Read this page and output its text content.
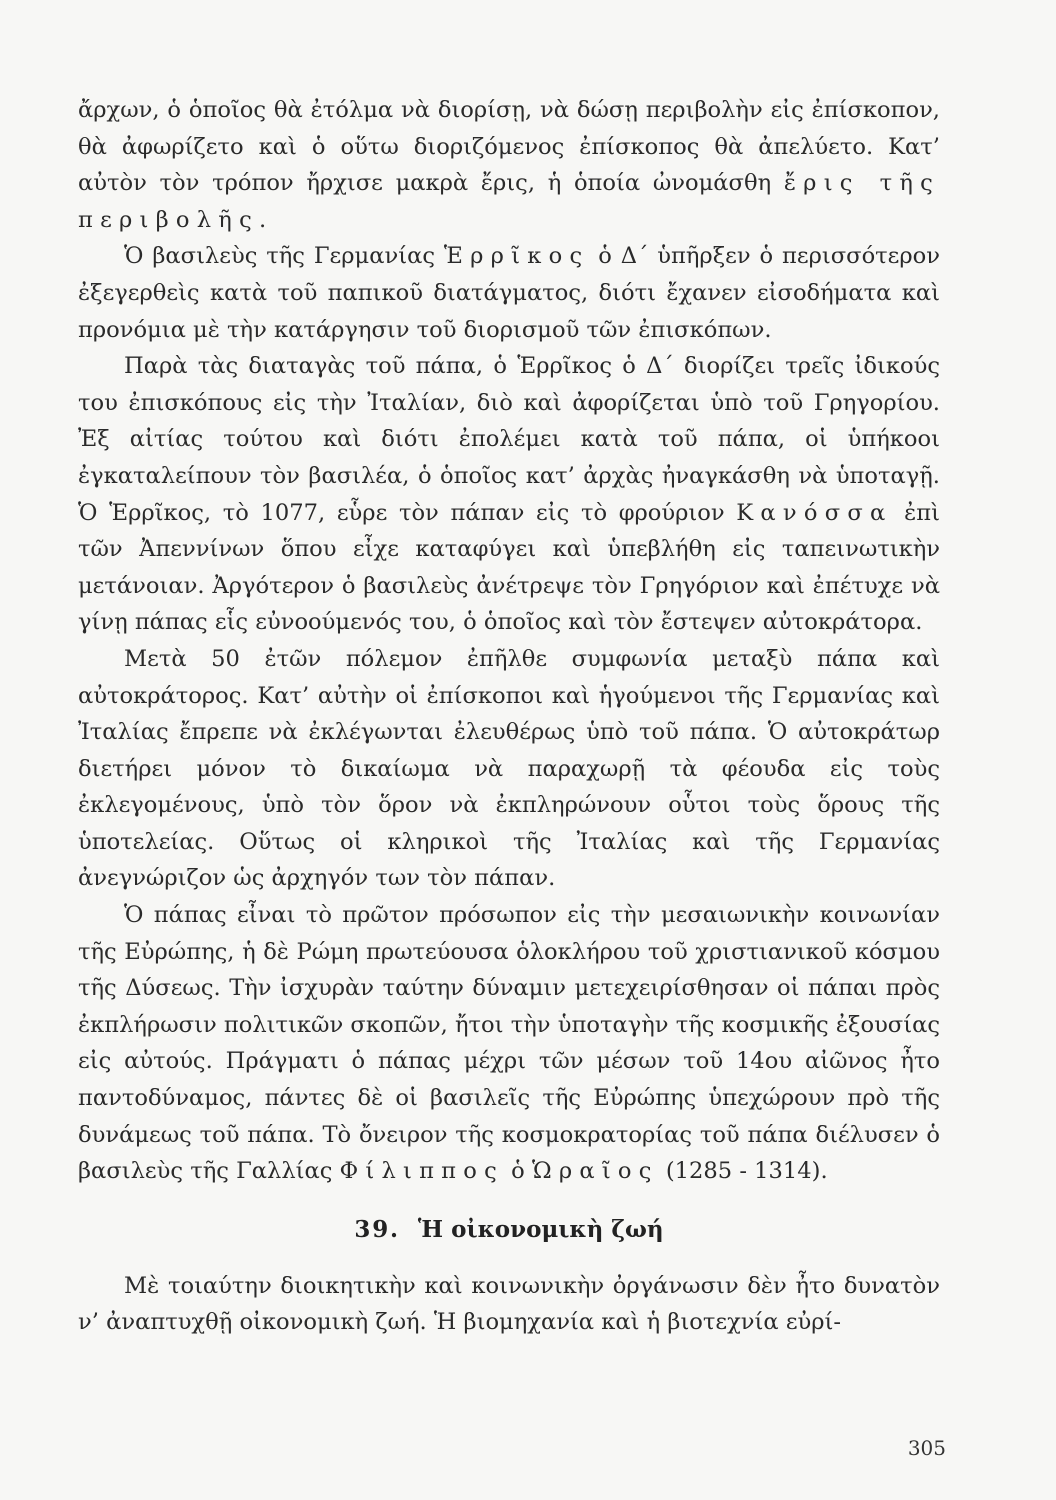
ἄρχων, ὁ ὁποῖος θὰ ἐτόλμα νὰ διορίσῃ, νὰ δώσῃ περιβολὴν εἰς ἐπίσκοπον, θὰ ἀφωρίζετο καὶ ὁ οὕτω διοριζόμενος ἐπίσκοπος θὰ ἀπελύετο. Κατ’ αὐτὸν τὸν τρόπον ἤρχισε μακρὰ ἔρις, ἡ ὁποία ὠνομάσθη ἔρις τῆς περιβολῆς.

Ὁ βασιλεὺς τῆς Γερμανίας Ἑρρῖκος ὁ Δ΄ ὑπῆρξεν ὁ περισσότερον ἐξεγερθεὶς κατὰ τοῦ παπικοῦ διατάγματος, διότι ἔχανεν εἰσοδήματα καὶ προνόμια μὲ τὴν κατάργησιν τοῦ διορισμοῦ τῶν ἐπισκόπων.

Παρὰ τὰς διαταγὰς τοῦ πάπα, ὁ Ἑρρῖκος ὁ Δ΄ διορίζει τρεῖς ἰδικούς του ἐπισκόπους εἰς τὴν Ἰταλίαν, διὸ καὶ ἀφορίζεται ὑπὸ τοῦ Γρηγορίου. Ἐξ αἰτίας τούτου καὶ διότι ἐπολέμει κατὰ τοῦ πάπα, οἱ ὑπήκοοι ἐγκαταλείπουν τὸν βασιλέα, ὁ ὁποῖος κατ’ ἀρχὰς ἠναγκάσθη νὰ ὑποταγῇ. Ὁ Ἑρρῖκος, τὸ 1077, εὗρε τὸν πάπαν εἰς τὸ φρούριον Κανόσσα ἐπὶ τῶν Ἀπεννίνων ὅπου εἶχε καταφύγει καὶ ὑπεβλήθη εἰς ταπεινωτικὴν μετάνοιαν. Ἀργότερον ὁ βασιλεὺς ἀνέτρεψε τὸν Γρηγόριον καὶ ἐπέτυχε νὰ γίνῃ πάπας εἷς εὐνοούμενός του, ὁ ὁποῖος καὶ τὸν ἔστεψεν αὐτοκράτορα.

Μετὰ 50 ἐτῶν πόλεμον ἐπῆλθε συμφωνία μεταξὺ πάπα καὶ αὐτοκράτορος. Κατ’ αὐτὴν οἱ ἐπίσκοποι καὶ ἡγούμενοι τῆς Γερμανίας καὶ Ἰταλίας ἔπρεπε νὰ ἐκλέγωνται ἐλευθέρως ὑπὸ τοῦ πάπα. Ὁ αὐτοκράτωρ διετήρει μόνον τὸ δικαίωμα νὰ παραχωρῇ τὰ φέουδα εἰς τοὺς ἐκλεγομένους, ὑπὸ τὸν ὅρον νὰ ἐκπληρώνουν οὗτοι τοὺς ὅρους τῆς ὑποτελείας. Οὕτως οἱ κληρικοὶ τῆς Ἰταλίας καὶ τῆς Γερμανίας ἀνεγνώριζον ὡς ἀρχηγόν των τὸν πάπαν.

Ὁ πάπας εἶναι τὸ πρῶτον πρόσωπον εἰς τὴν μεσαιωνικὴν κοινωνίαν τῆς Εὐρώπης, ἡ δὲ Ρώμη πρωτεύουσα ὁλοκλήρου τοῦ χριστιανικοῦ κόσμου τῆς Δύσεως. Τὴν ἰσχυρὰν ταύτην δύναμιν μετεχειρίσθησαν οἱ πάπαι πρὸς ἐκπλήρωσιν πολιτικῶν σκοπῶν, ἤτοι τὴν ὑποταγὴν τῆς κοσμικῆς ἐξουσίας εἰς αὐτούς. Πράγματι ὁ πάπας μέχρι τῶν μέσων τοῦ 14ου αἰῶνος ἦτο παντοδύναμος, πάντες δὲ οἱ βασιλεῖς τῆς Εὐρώπης ὑπεχώρουν πρὸ τῆς δυνάμεως τοῦ πάπα. Τὸ ὄνειρον τῆς κοσμοκρατορίας τοῦ πάπα διέλυσεν ὁ βασιλεὺς τῆς Γαλλίας Φίλιππος ὁ Ὡραῖος (1285 - 1314).

39. Ἡ οἰκονομικὴ ζωή

Μὲ τοιαύτην διοικητικὴν καὶ κοινωνικὴν ὀργάνωσιν δὲν ἦτο δυνατὸν ν’ ἀναπτυχθῇ οἰκονομικὴ ζωή. Ἡ βιομηχανία καὶ ἡ βιοτεχνία εὐρί-

305
